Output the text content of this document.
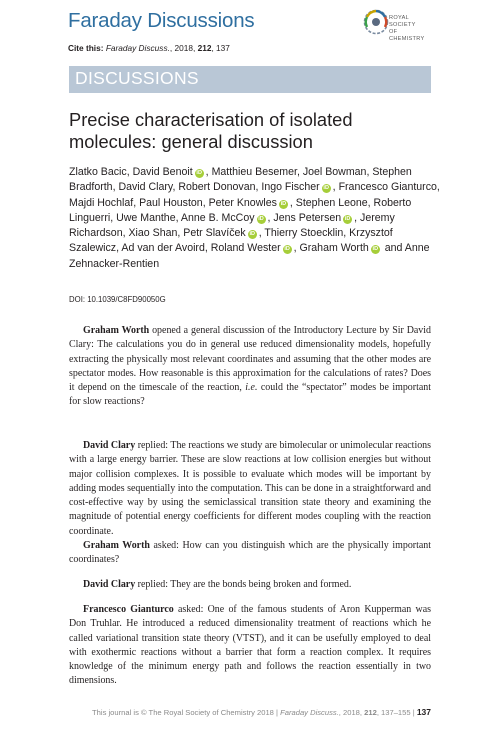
Faraday Discussions
Cite this: Faraday Discuss., 2018, 212, 137
ROYAL SOCIETY
OF CHEMISTRY
DISCUSSIONS
Precise characterisation of isolated molecules: general discussion
Zlatko Bacic, David Benoit iD , Matthieu Besemer, Joel Bowman, Stephen Bradforth, David Clary, Robert Donovan, Ingo Fischer iD , Francesco Gianturco, Majdi Hochlaf, Paul Houston, Peter Knowles iD , Stephen Leone, Roberto Linguerri, Uwe Manthe, Anne B. McCoy iD , Jens Petersen iD , Jeremy Richardson, Xiao Shan, Petr Slavíček iD , Thierry Stoecklin, Krzysztof Szalewicz, Ad van der Avoird, Roland Wester iD , Graham Worth iD and Anne Zehnacker-Rentien
DOI: 10.1039/C8FD90050G

Graham Worth opened a general discussion of the Introductory Lecture by Sir David Clary: The calculations you do in general use reduced dimensionality models, hopefully extracting the physically most relevant coordinates and assuming that the other modes are spectator modes. How reasonable is this approximation for the calculations of rates? Does it depend on the timescale of the reaction, i.e. could the “spectator” modes be important for slow reactions?

David Clary replied: The reactions we study are bimolecular or unimolecular reactions with a large energy barrier. These are slow reactions at low collision energies but without major collision complexes. It is possible to evaluate which modes will be important by adding modes sequentially into the computation. This can be done in a straightforward and cost-effective way by using the semiclassical transition state theory and examining the magnitude of potential energy coefficients for different modes coupling with the reaction coordinate.

Graham Worth asked: How can you distinguish which are the physically important coordinates?

David Clary replied: They are the bonds being broken and formed.

Francesco Gianturco asked: One of the famous students of Aron Kupperman was Don Truhlar. He introduced a reduced dimensionality treatment of reactions which he called variational transition state theory (VTST), and it can be usefully employed to deal with exothermic reactions without a barrier that form a reaction complex. It requires knowledge of the minimum energy path and follows the reaction essentially in two dimensions.

This journal is © The Royal Society of Chemistry 2018 | Faraday Discuss., 2018, 212, 137–155 | 137
